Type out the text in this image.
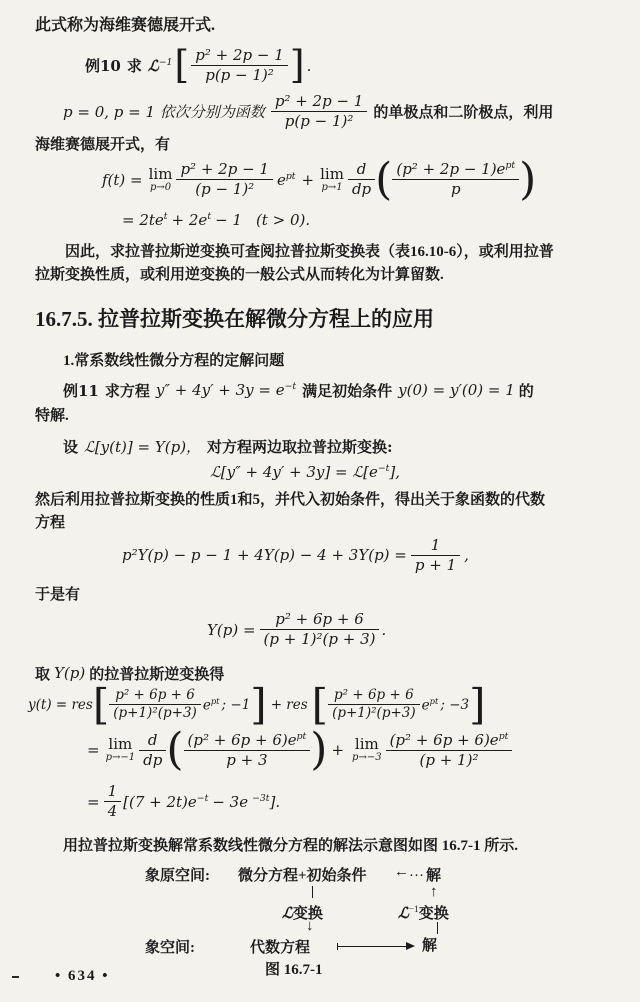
此式称为海维赛德展开式.
例10 求 ℒ$^{-1}$ [ $\frac{\text{p² + 2p − 1}}{\text{p(p − 1)²}}$ ] .
p = 0, p = 1 依次分别为函数 $\frac{\text{p² + 2p − 1}}{\text{p(p − 1)²}}$ 的单极点和二阶极点，利用
海维赛德展开式，有
f(t) = lim
$p\to 0 \frac{\text{p² + 2p − 1}}{\text{(p − 1)²}} e^{pt} + \lim$
$p\to 1 \frac{d}{dp}$ ( $\frac{(p^2 + 2p - 1)e^{pt}}{p}$ )
= $2te^t + 2e^t - 1$ (t > 0).
因此，求拉普拉斯逆变换可查阅拉普拉斯变换表（表16.10-6），或利用拉普
拉斯变换性质，或利用逆变换的一般公式从而转化为计算留数.
16.7.5. 拉普拉斯变换在解微分方程上的应用
1.常系数线性微分方程的定解问题
例11 求方程 $y'' + 4y' + 3y = e^{-t}$ 满足初始条件 y(0) = y′(0) = 1 的
特解.
设 ℒ[y(t)] = Y(p)， 对方程两边取拉普拉斯变换:
ℒ[y″ + $4y' + 3y] = ℒ[e^{-t}]$,
然后利用拉普拉斯变换的性质1和5，并代入初始条件，得出关于象函数的代数
方程
$p^2Y(p) - p - 1 + 4Y(p) - 4 + 3Y(p) = \frac{1}{p + 1}$ ,
于是有
$Y(p) = \frac{\text{p² + 6p + 6}}{\text{(p + 1)²(p + 3)}}$ .
取 Y(p) 的拉普拉斯逆变换得
y(t) = res [ $\frac{\text{p² + 6p + 6}}{\text{(p+1)²(p+3)}} e^{pt}$ ; −1 ] + res [ $\frac{\text{p² + 6p + 6}}{\text{(p+1)²(p+3)}} e^{pt}$ ; −3 ]
= lim
$p\to-1 \frac{d}{dp}$ ( $\frac{(p^2 + 6p + 6)e^{pt}}{p + 3}$ ) + lim
$p\to-3 \frac{(p^2 + 6p + 6)e^{pt}}{\text{(p + 1)²}}$
= $\frac{1}{4} [(7 + 2t)e^{-t} - 3e$ $^{-3t}$].
用拉普拉斯变换解常系数线性微分方程的解法示意图如图 16.7-1 所示.
象原空间: 微分方程+初始条件 ←… 解
ℒ变换
↓
↑
ℒ$^{-1}$变换
象空间:	代数方程	解
图 16.7-1
• 634 •
